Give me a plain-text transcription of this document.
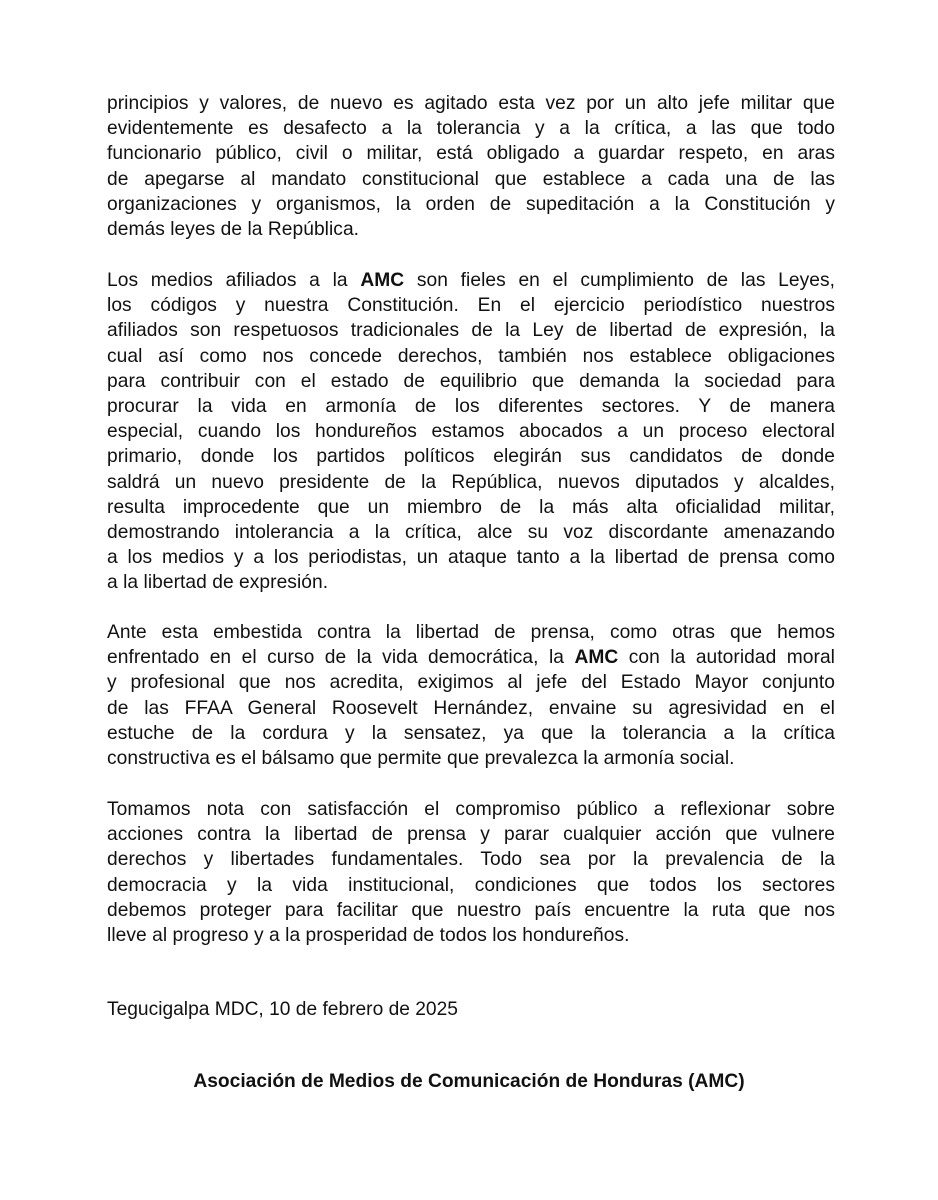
principios y valores, de nuevo es agitado esta vez por un alto jefe militar que
evidentemente es desafecto a la tolerancia y a la crítica, a las que todo
funcionario público, civil o militar, está obligado a guardar respeto, en aras
de apegarse al mandato constitucional que establece a cada una de las
organizaciones y organismos, la orden de supeditación a la Constitución y
demás leyes de la República.

Los medios afiliados a la AMC son fieles en el cumplimiento de las Leyes,
los códigos y nuestra Constitución. En el ejercicio periodístico nuestros
afiliados son respetuosos tradicionales de la Ley de libertad de expresión, la
cual así como nos concede derechos, también nos establece obligaciones
para contribuir con el estado de equilibrio que demanda la sociedad para
procurar la vida en armonía de los diferentes sectores. Y de manera
especial, cuando los hondureños estamos abocados a un proceso electoral
primario, donde los partidos políticos elegirán sus candidatos de donde
saldrá un nuevo presidente de la República, nuevos diputados y alcaldes,
resulta improcedente que un miembro de la más alta oficialidad militar,
demostrando intolerancia a la crítica, alce su voz discordante amenazando
a los medios y a los periodistas, un ataque tanto a la libertad de prensa como
a la libertad de expresión.

Ante esta embestida contra la libertad de prensa, como otras que hemos
enfrentado en el curso de la vida democrática, la AMC con la autoridad moral
y profesional que nos acredita, exigimos al jefe del Estado Mayor conjunto
de las FFAA General Roosevelt Hernández, envaine su agresividad en el
estuche de la cordura y la sensatez, ya que la tolerancia a la crítica
constructiva es el bálsamo que permite que prevalezca la armonía social.

Tomamos nota con satisfacción el compromiso público a reflexionar sobre
acciones contra la libertad de prensa y parar cualquier acción que vulnere
derechos y libertades fundamentales. Todo sea por la prevalencia de la
democracia y la vida institucional, condiciones que todos los sectores
debemos proteger para facilitar que nuestro país encuentre la ruta que nos
lleve al progreso y a la prosperidad de todos los hondureños.

Tegucigalpa MDC, 10 de febrero de 2025

Asociación de Medios de Comunicación de Honduras (AMC)
